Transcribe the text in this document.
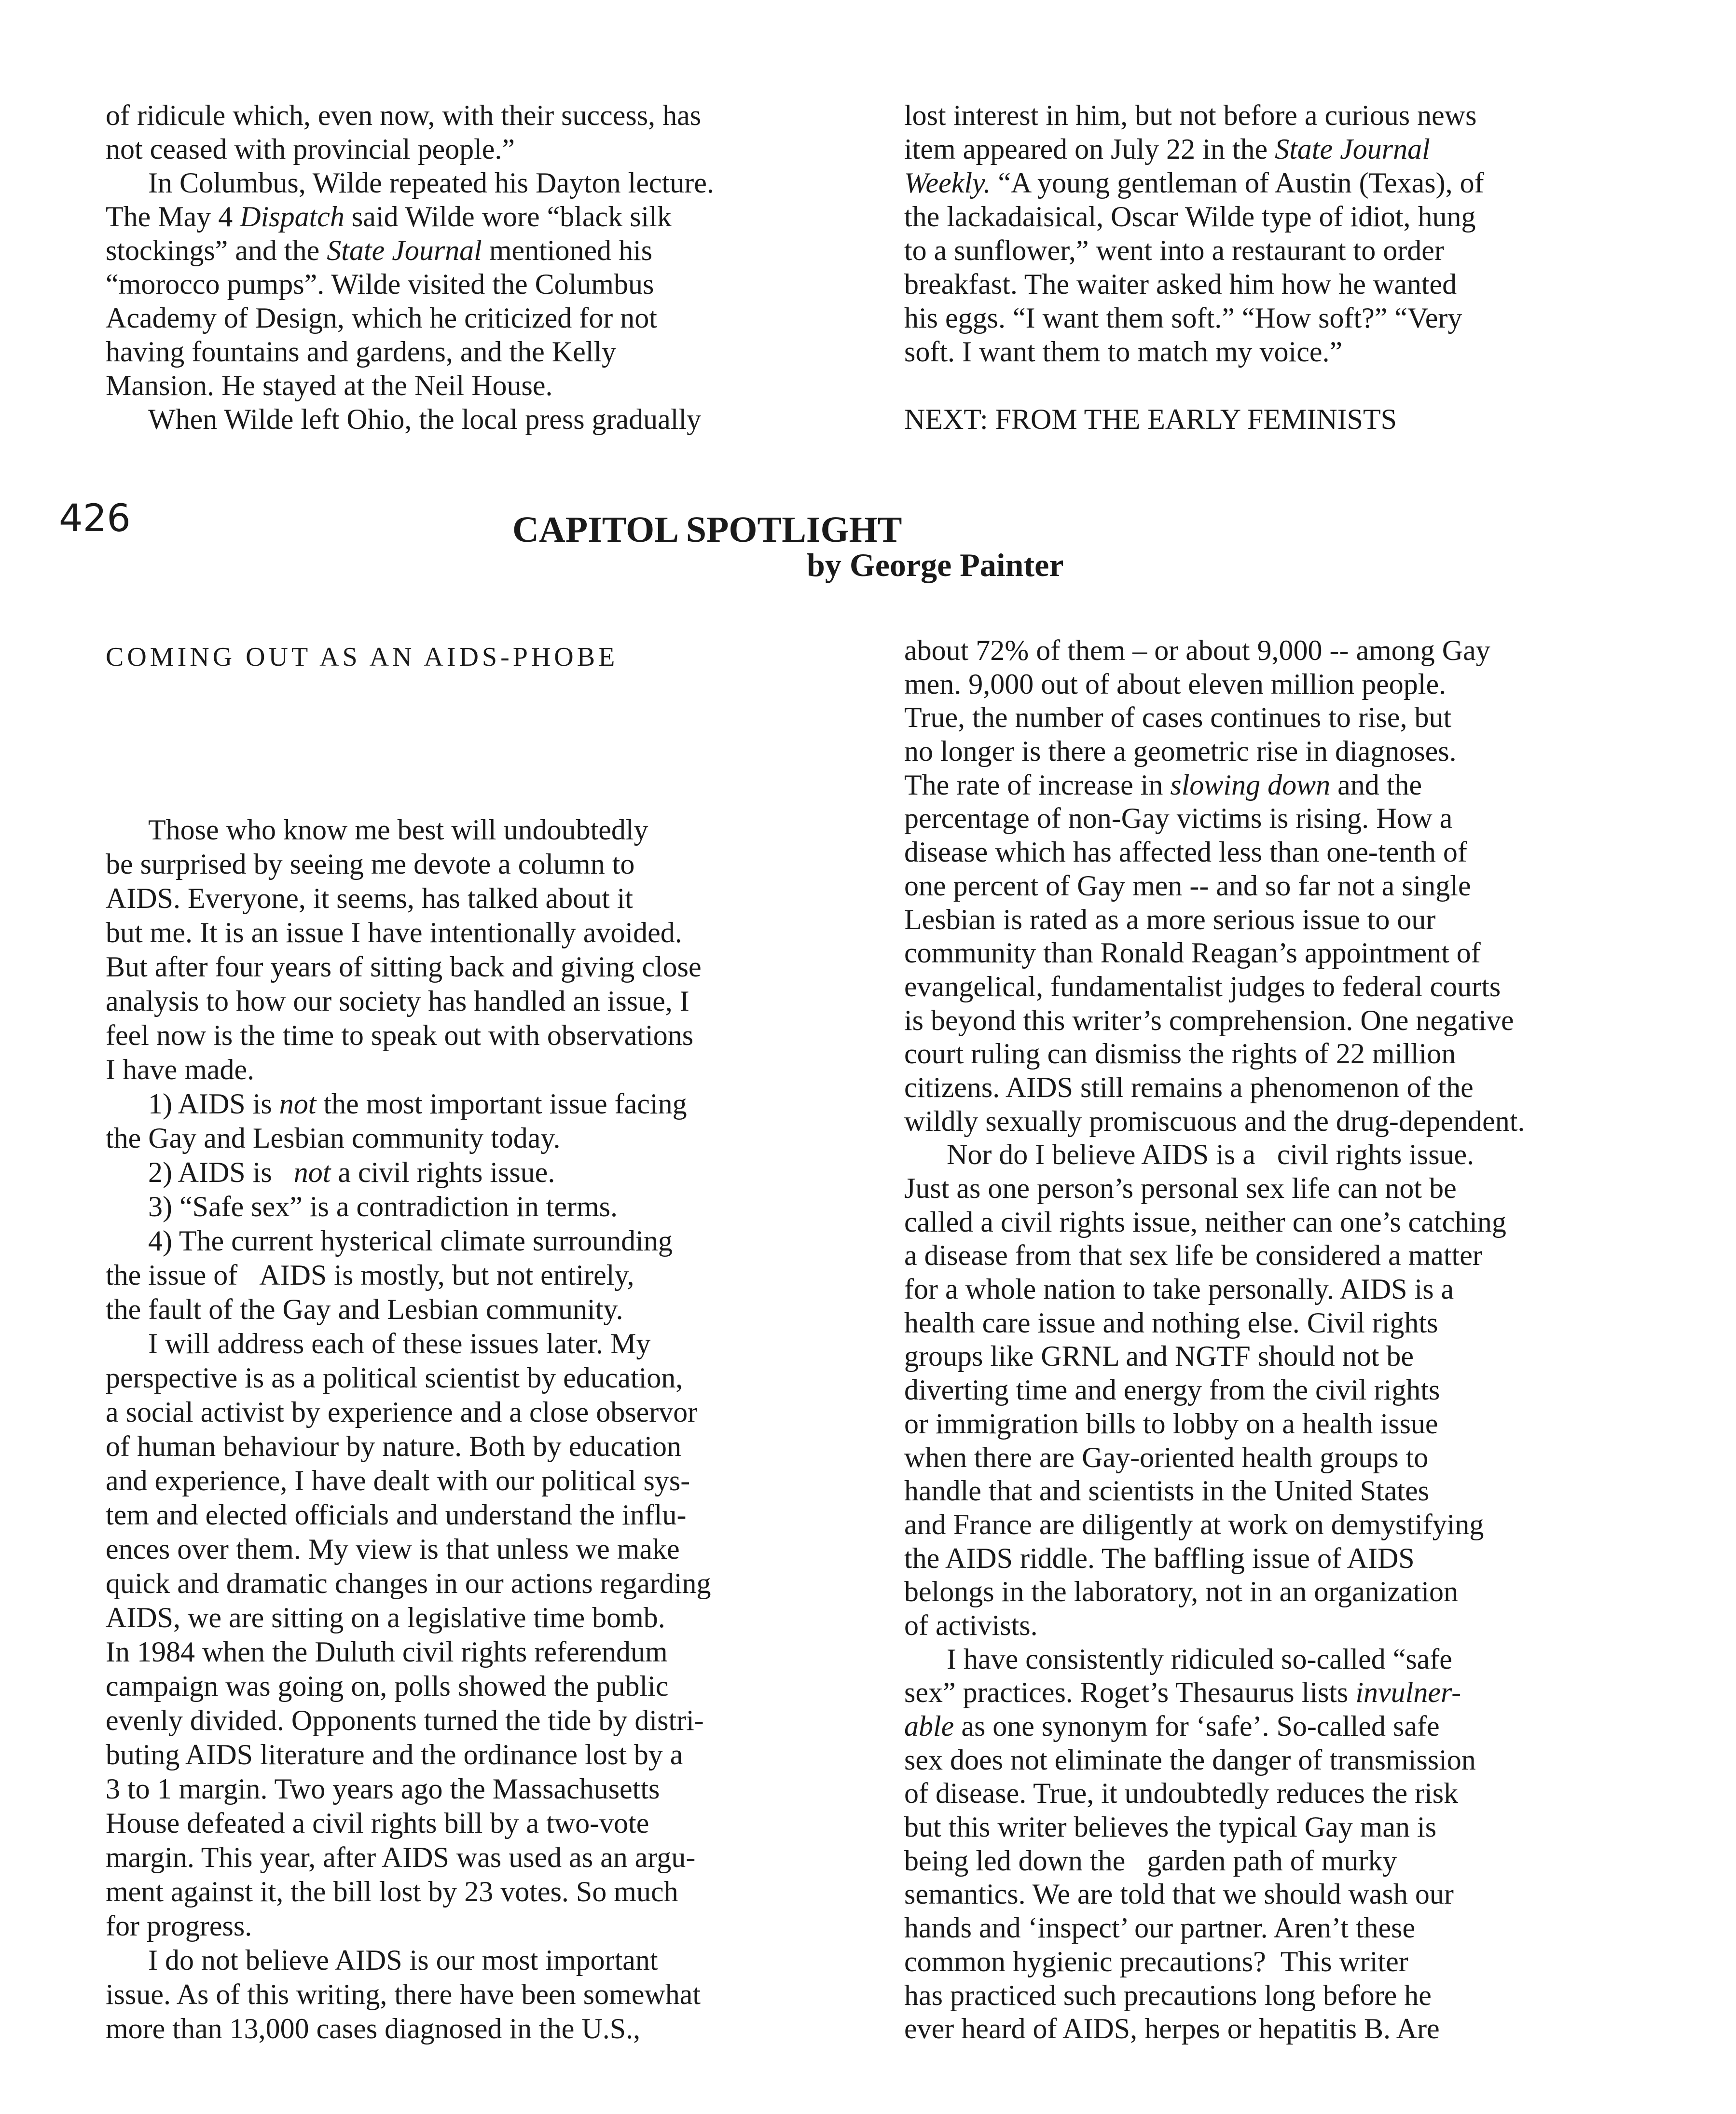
426	CAPITOL SPOTLIGHT
by George Painter
COMING OUT AS AN AIDS-PHOBE
of ridicule which, even now, with their success, has
not ceased with provincial people.”
In Columbus, Wilde repeated his Dayton lecture.
The May 4 Dispatch said Wilde wore “black silk
stockings” and the State Journal mentioned his
“morocco pumps”. Wilde visited the Columbus
Academy of Design, which he criticized for not
having fountains and gardens, and the Kelly
Mansion. He stayed at the Neil House.
When Wilde left Ohio, the local press gradually
lost interest in him, but not before a curious news
item appeared on July 22 in the State Journal
Weekly. “A young gentleman of Austin (Texas), of
the lackadaisical, Oscar Wilde type of idiot, hung
to a sunflower,” went into a restaurant to order
breakfast. The waiter asked him how he wanted
his eggs. “I want them soft.” “How soft?” “Very
soft. I want them to match my voice.”
NEXT: FROM THE EARLY FEMINISTS
Those who know me best will undoubtedly
be surprised by seeing me devote a column to
AIDS. Everyone, it seems, has talked about it
but me. It is an issue I have intentionally avoided.
But after four years of sitting back and giving close
analysis to how our society has handled an issue, I
feel now is the time to speak out with observations
I have made.
1) AIDS is not the most important issue facing
the Gay and Lesbian community today.
2) AIDS is   not a civil rights issue.
3) “Safe sex” is a contradiction in terms.
4) The current hysterical climate surrounding
the issue of   AIDS is mostly, but not entirely,
the fault of the Gay and Lesbian community.
I will address each of these issues later. My
perspective is as a political scientist by education,
a social activist by experience and a close observor
of human behaviour by nature. Both by education
and experience, I have dealt with our political sys-
tem and elected officials and understand the influ-
ences over them. My view is that unless we make
quick and dramatic changes in our actions regarding
AIDS, we are sitting on a legislative time bomb.
In 1984 when the Duluth civil rights referendum
campaign was going on, polls showed the public
evenly divided. Opponents turned the tide by distri-
buting AIDS literature and the ordinance lost by a
3 to 1 margin. Two years ago the Massachusetts
House defeated a civil rights bill by a two-vote
margin. This year, after AIDS was used as an argu-
ment against it, the bill lost by 23 votes. So much
for progress.
I do not believe AIDS is our most important
issue. As of this writing, there have been somewhat
more than 13,000 cases diagnosed in the U.S.,
about 72% of them – or about 9,000 -- among Gay
men. 9,000 out of about eleven million people.
True, the number of cases continues to rise, but
no longer is there a geometric rise in diagnoses.
The rate of increase in slowing down and the
percentage of non-Gay victims is rising. How a
disease which has affected less than one-tenth of
one percent of Gay men -- and so far not a single
Lesbian is rated as a more serious issue to our
community than Ronald Reagan’s appointment of
evangelical, fundamentalist judges to federal courts
is beyond this writer’s comprehension. One negative
court ruling can dismiss the rights of 22 million
citizens. AIDS still remains a phenomenon of the
wildly sexually promiscuous and the drug-dependent.
Nor do I believe AIDS is a   civil rights issue.
Just as one person’s personal sex life can not be
called a civil rights issue, neither can one’s catching
a disease from that sex life be considered a matter
for a whole nation to take personally. AIDS is a
health care issue and nothing else. Civil rights
groups like GRNL and NGTF should not be
diverting time and energy from the civil rights
or immigration bills to lobby on a health issue
when there are Gay-oriented health groups to
handle that and scientists in the United States
and France are diligently at work on demystifying
the AIDS riddle. The baffling issue of AIDS
belongs in the laboratory, not in an organization
of activists.
I have consistently ridiculed so-called “safe
sex” practices. Roget’s Thesaurus lists invulner-
able as one synonym for ‘safe’. So-called safe
sex does not eliminate the danger of transmission
of disease. True, it undoubtedly reduces the risk
but this writer believes the typical Gay man is
being led down the   garden path of murky
semantics. We are told that we should wash our
hands and ‘inspect’ our partner. Aren’t these
common hygienic precautions?  This writer
has practiced such precautions long before he
ever heard of AIDS, herpes or hepatitis B. Are
